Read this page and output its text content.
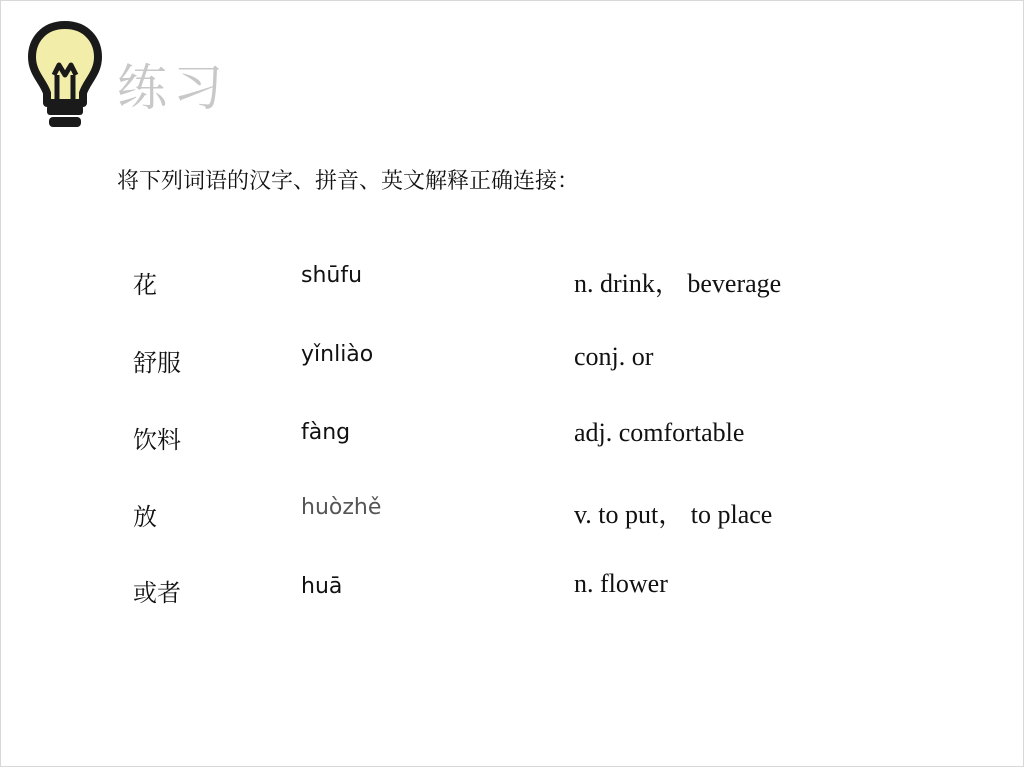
练习
将下列词语的汉字、拼音、英文解释正确连接：
花
舒服
饮料
放
或者
shūfu
yǐnliào
fàng
huòzhě
huā
n. drink， beverage
conj. or
adj. comfortable
v. to put， to place
n. flower
